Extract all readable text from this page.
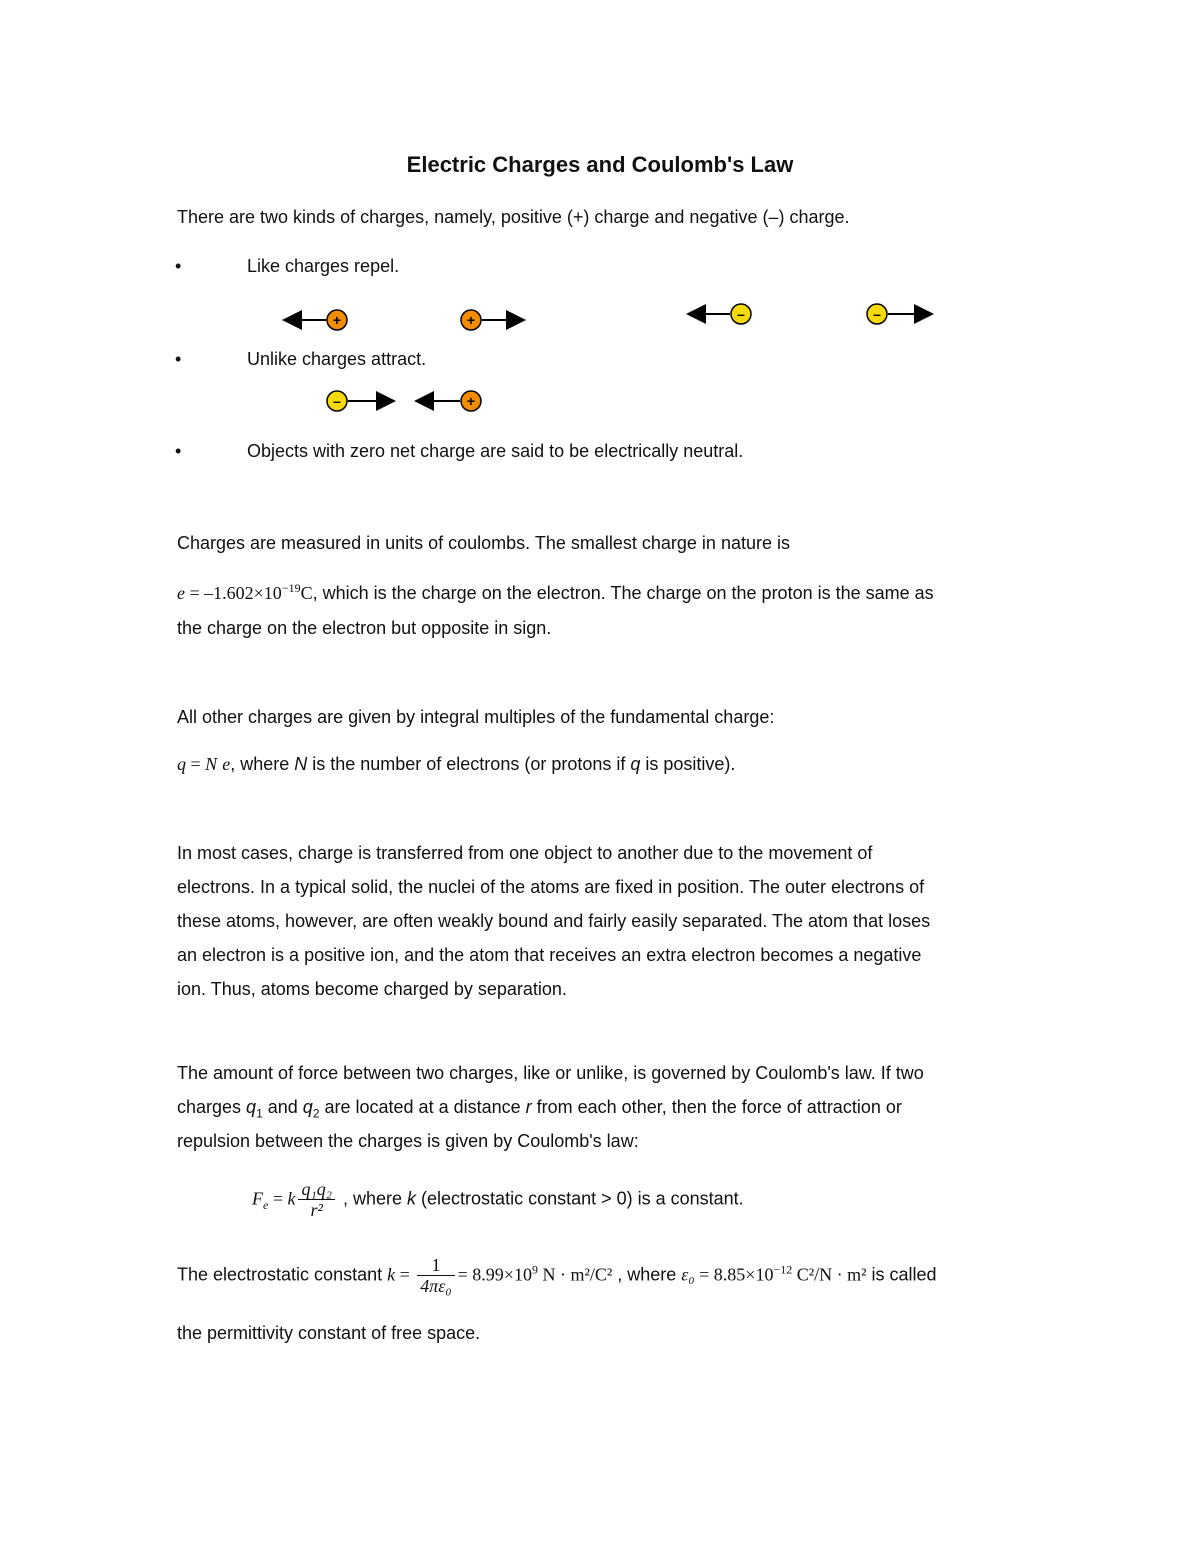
Electric Charges and Coulomb's Law
There are two kinds of charges, namely, positive (+) charge and negative (–) charge.
•	Like charges repel.
+	+	–	–
•	Unlike charges attract.
–	+
•	Objects with zero net charge are said to be electrically neutral.
Charges are measured in units of coulombs. The smallest charge in nature is
$e = -1.602\times 10^{-19}C$, which is the charge on the electron. The charge on the proton is the same as
the charge on the electron but opposite in sign.
All other charges are given by integral multiples of the fundamental charge:
q = N e, where N is the number of electrons (or protons if q is positive).
In most cases, charge is transferred from one object to another due to the movement of
electrons. In a typical solid, the nuclei of the atoms are fixed in position. The outer electrons of
these atoms, however, are often weakly bound and fairly easily separated. The atom that loses
an electron is a positive ion, and the atom that receives an extra electron becomes a negative
ion. Thus, atoms become charged by separation.
The amount of force between two charges, like or unlike, is governed by Coulomb's law. If two
charges $q_1$ and $q_2$ are located at a distance r from each other, then the force of attraction or
repulsion between the charges is given by Coulomb's law:
$F_e = k \frac{\text{q₁q₂}}{\text{r²}}$ , where k (electrostatic constant > 0) is a constant.
The electrostatic constant $k = \frac{1}{\text{4πε₀}} = 8.99\times 10^9$ N · m²/C² , where $\varepsilon_0 = 8.85\times 10^{-12}$ C²/N · m² is called
the permittivity constant of free space.
